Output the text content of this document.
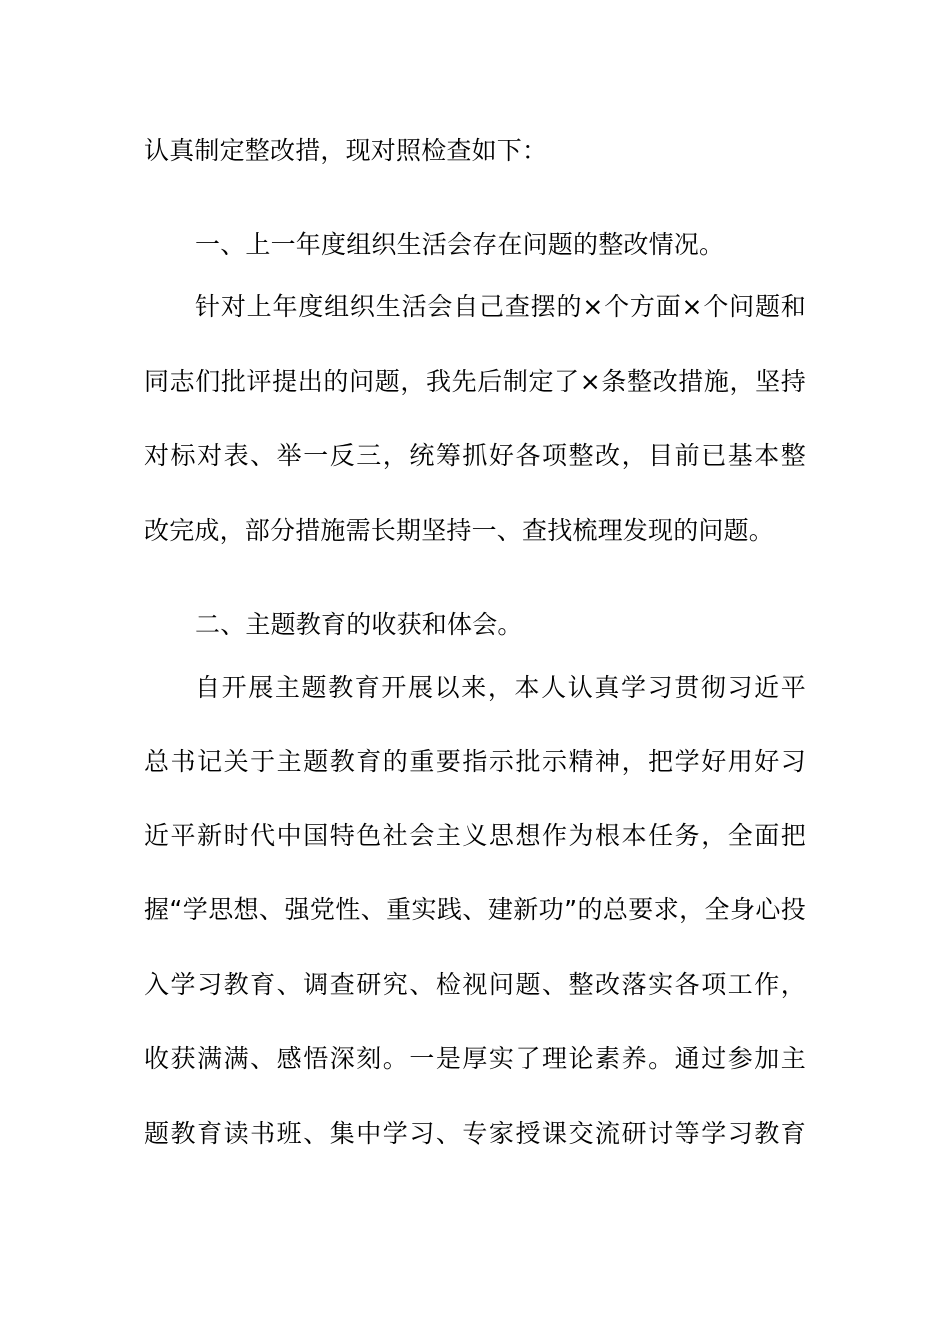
认真制定整改措，现对照检查如下：
一、上一年度组织生活会存在问题的整改情况。
针对上年度组织生活会自己查摆的×个方面×个问题和
同志们批评提出的问题，我先后制定了×条整改措施，坚持
对标对表、举一反三，统筹抓好各项整改，目前已基本整
改完成，部分措施需长期坚持一、查找梳理发现的问题。
二、主题教育的收获和体会。
自开展主题教育开展以来，本人认真学习贯彻习近平
总书记关于主题教育的重要指示批示精神，把学好用好习
近平新时代中国特色社会主义思想作为根本任务，全面把
握“学思想、强党性、重实践、建新功”的总要求，全身心投
入学习教育、调查研究、检视问题、整改落实各项工作，
收获满满、感悟深刻。一是厚实了理论素养。通过参加主
题教育读书班、集中学习、专家授课交流研讨等学习教育
